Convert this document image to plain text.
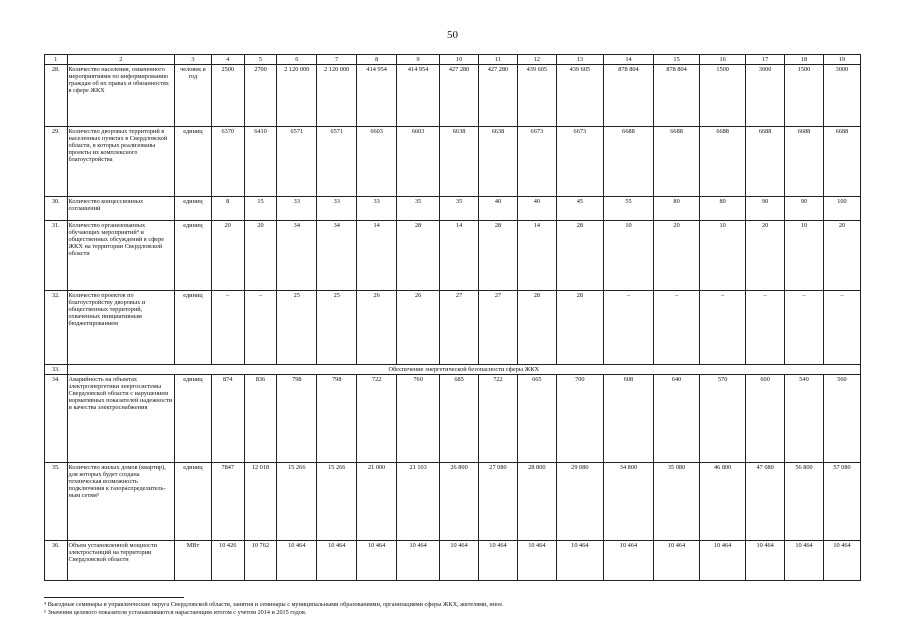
50
1	2	3	4	5	6	7	8	9	10	11	12	13	14	15	16	17	18	19
28.	Количество населения, охваченного мероприятиями по информированию граждан об их правах и обязанностях в сфере ЖКХ	человек в год	2500	2700	2 120 000	2 120 000	414 954	414 954	427 280	427 280	439 605	439 605	878 804	878 804	1500	3000	1500	3000
29.	Количество дворовых территорий в населенных пунктах в Свердловской области, в которых реализованы проекты их комплексного благоустройства	единиц	6370	6410	6571	6571	6603	6603	6638	6638	6673	6673	6688	6688	6688	6688	6688	6688
30.	Количество концессионных соглашений	единиц	8	15	33	33	33	35	35	40	40	45	55	80	80	90	90	100
31.	Количество организованных обучающих мероприятий⁴ и общественных обсуждений в сфере ЖКХ на территории Свердловской области	единиц	20	20	34	34	14	28	14	28	14	28	10	20	10	20	10	20
32.	Количество проектов по благоустройству дворовых и общественных территорий, охваченных инициативным бюджетированием	единиц	–	–	25	25	26	26	27	27	28	28	–	–	–	–	–	–
33.	Обеспечение энергетической безопасности сферы ЖКХ																	
34.	Аварийность на объектах электроэнергетики энергосистемы Свердловской области с нарушением нормативных показателей надежности и качества электроснабжения	единиц	874	836	798	798	722	760	685	722	665	700	608	640	570	600	540	560
35.	Количество жилых домов (квартир), для которых будет создана техническая возможность подключения к газораспределитель-ным сетям⁵	единиц	7847	12 018	15 266	15 266	21 000	21 103	26 800	27 080	28 800	29 080	34 800	35 080	46 800	47 080	56 800	57 080
36.	Объем установленной мощности электростанций на территории Свердловской области	МВт	10 426	10 762	10 464	10 464	10 464	10 464	10 464	10 464	10 464	10 464	10 464	10 464	10 464	10 464	10 464	10 464
⁴ Выездные семинары в управленческие округа Свердловской области, занятия и семинары с муниципальными образованиями, организациями сферы ЖКХ, жителями, иное.
⁵ Значения целевого показателя устанавливаются нарастающим итогом с учетом 2014 и 2015 годов.
